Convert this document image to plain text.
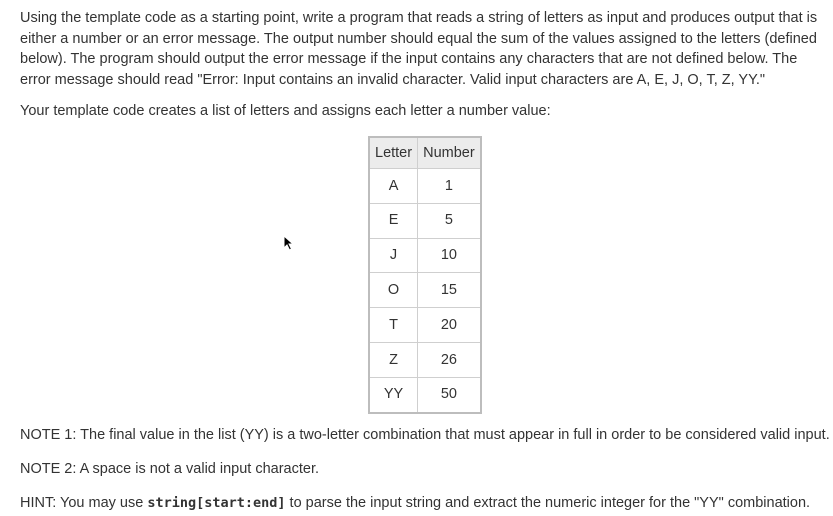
Using the template code as a starting point, write a program that reads a string of letters as input and produces output that is either a number or an error message. The output number should equal the sum of the values assigned to the letters (defined below). The program should output the error message if the input contains any characters that are not defined below. The error message should read "Error: Input contains an invalid character. Valid input characters are A, E, J, O, T, Z, YY."

Your template code creates a list of letters and assigns each letter a number value:

Letter	Number
A	1
E	5
J	10
O	15
T	20
Z	26
YY	50

NOTE 1: The final value in the list (YY) is a two-letter combination that must appear in full in order to be considered valid input.

NOTE 2: A space is not a valid input character.

HINT: You may use string[start:end] to parse the input string and extract the numeric integer for the "YY" combination.
